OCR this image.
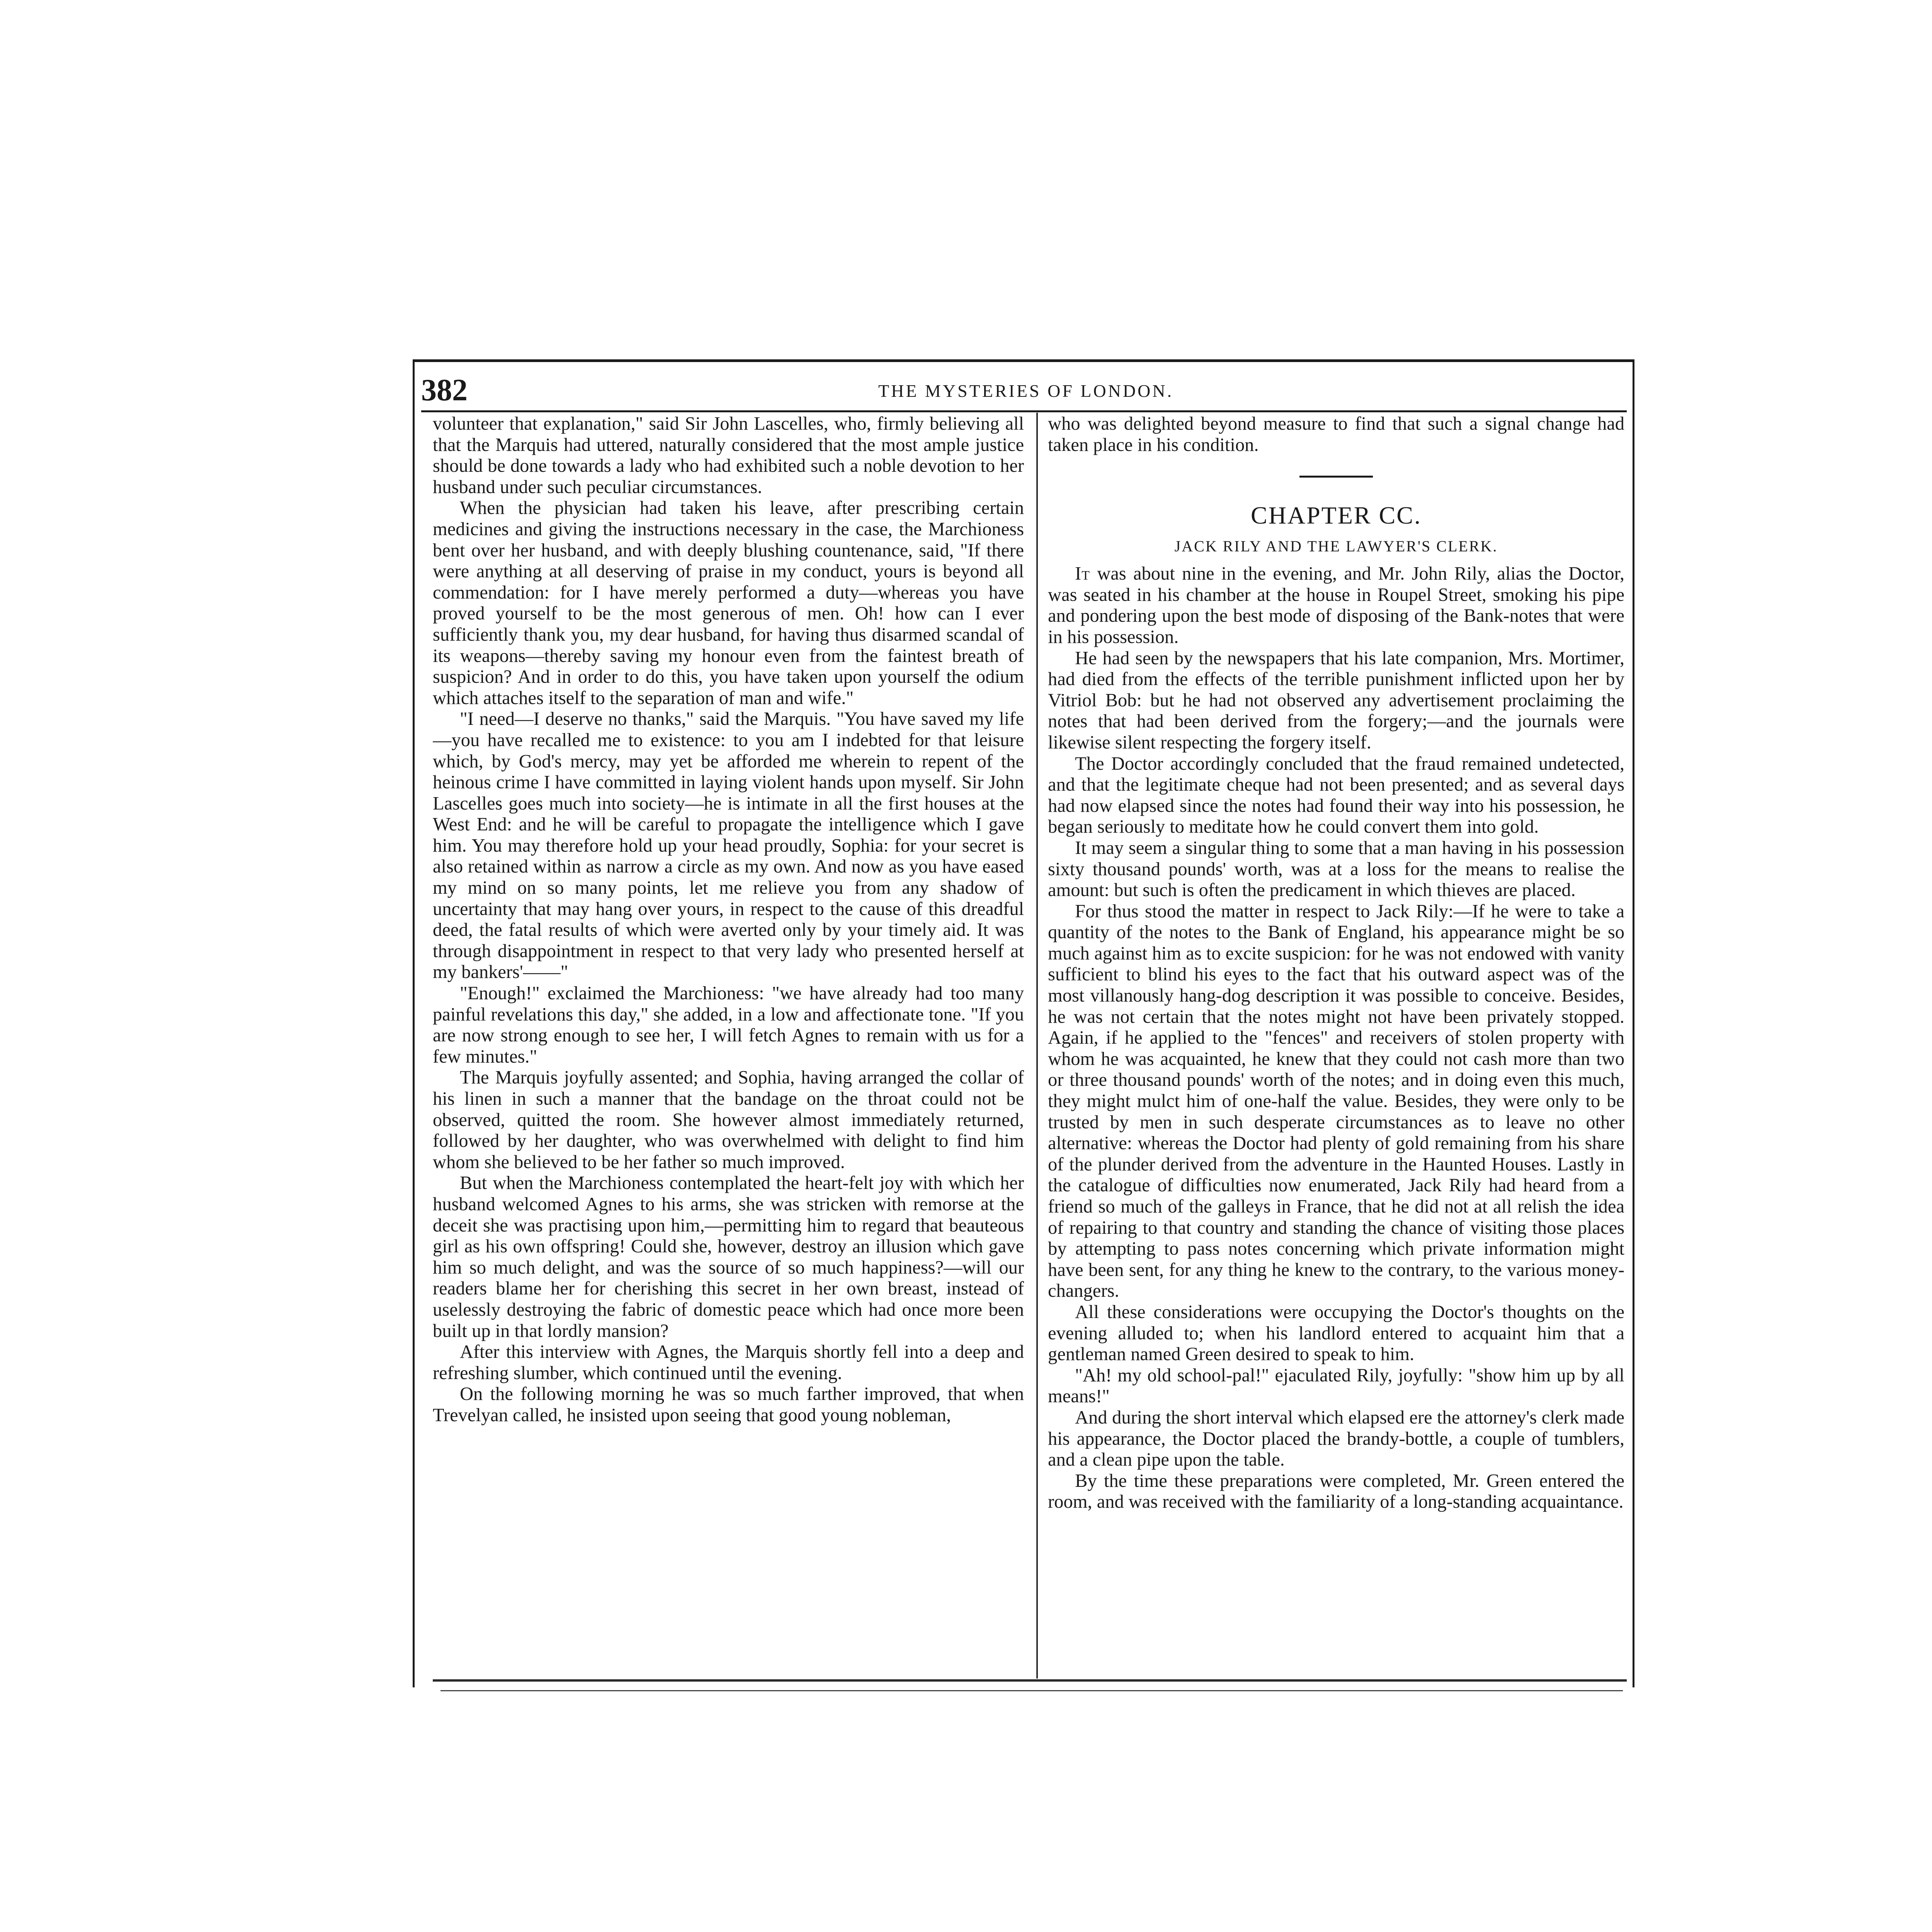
382	THE MYSTERIES OF LONDON.

volunteer that explanation," said Sir John Lascelles, who, firmly believing all that the Marquis had uttered, naturally considered that the most ample justice should be done towards a lady who had exhibited such a noble devotion to her husband under such peculiar circumstances.

When the physician had taken his leave, after prescribing certain medicines and giving the instructions necessary in the case, the Marchioness bent over her husband, and with deeply blushing countenance, said, "If there were anything at all deserving of praise in my conduct, yours is beyond all commendation: for I have merely performed a duty—whereas you have proved yourself to be the most generous of men. Oh! how can I ever sufficiently thank you, my dear husband, for having thus disarmed scandal of its weapons—thereby saving my honour even from the faintest breath of suspicion? And in order to do this, you have taken upon yourself the odium which attaches itself to the separation of man and wife."

"I need—I deserve no thanks," said the Marquis. "You have saved my life—you have recalled me to existence: to you am I indebted for that leisure which, by God's mercy, may yet be afforded me wherein to repent of the heinous crime I have committed in laying violent hands upon myself. Sir John Lascelles goes much into society—he is intimate in all the first houses at the West End: and he will be careful to propagate the intelligence which I gave him. You may therefore hold up your head proudly, Sophia: for your secret is also retained within as narrow a circle as my own. And now as you have eased my mind on so many points, let me relieve you from any shadow of uncertainty that may hang over yours, in respect to the cause of this dreadful deed, the fatal results of which were averted only by your timely aid. It was through disappointment in respect to that very lady who presented herself at my bankers'——"

"Enough!" exclaimed the Marchioness: "we have already had too many painful revelations this day," she added, in a low and affectionate tone. "If you are now strong enough to see her, I will fetch Agnes to remain with us for a few minutes."

The Marquis joyfully assented; and Sophia, having arranged the collar of his linen in such a manner that the bandage on the throat could not be observed, quitted the room. She however almost immediately returned, followed by her daughter, who was overwhelmed with delight to find him whom she believed to be her father so much improved.

But when the Marchioness contemplated the heart-felt joy with which her husband welcomed Agnes to his arms, she was stricken with remorse at the deceit she was practising upon him,—permitting him to regard that beauteous girl as his own offspring! Could she, however, destroy an illusion which gave him so much delight, and was the source of so much happiness?—will our readers blame her for cherishing this secret in her own breast, instead of uselessly destroying the fabric of domestic peace which had once more been built up in that lordly mansion?

After this interview with Agnes, the Marquis shortly fell into a deep and refreshing slumber, which continued until the evening.

On the following morning he was so much farther improved, that when Trevelyan called, he insisted upon seeing that good young nobleman,

who was delighted beyond measure to find that such a signal change had taken place in his condition.

CHAPTER CC.
JACK RILY AND THE LAWYER'S CLERK.

It was about nine in the evening, and Mr. John Rily, alias the Doctor, was seated in his chamber at the house in Roupel Street, smoking his pipe and pondering upon the best mode of disposing of the Bank-notes that were in his possession.

He had seen by the newspapers that his late companion, Mrs. Mortimer, had died from the effects of the terrible punishment inflicted upon her by Vitriol Bob: but he had not observed any advertisement proclaiming the notes that had been derived from the forgery;—and the journals were likewise silent respecting the forgery itself.

The Doctor accordingly concluded that the fraud remained undetected, and that the legitimate cheque had not been presented; and as several days had now elapsed since the notes had found their way into his possession, he began seriously to meditate how he could convert them into gold.

It may seem a singular thing to some that a man having in his possession sixty thousand pounds' worth, was at a loss for the means to realise the amount: but such is often the predicament in which thieves are placed.

For thus stood the matter in respect to Jack Rily:—If he were to take a quantity of the notes to the Bank of England, his appearance might be so much against him as to excite suspicion: for he was not endowed with vanity sufficient to blind his eyes to the fact that his outward aspect was of the most villanously hang-dog description it was possible to conceive. Besides, he was not certain that the notes might not have been privately stopped. Again, if he applied to the "fences" and receivers of stolen property with whom he was acquainted, he knew that they could not cash more than two or three thousand pounds' worth of the notes; and in doing even this much, they might mulct him of one-half the value. Besides, they were only to be trusted by men in such desperate circumstances as to leave no other alternative: whereas the Doctor had plenty of gold remaining from his share of the plunder derived from the adventure in the Haunted Houses. Lastly in the catalogue of difficulties now enumerated, Jack Rily had heard from a friend so much of the galleys in France, that he did not at all relish the idea of repairing to that country and standing the chance of visiting those places by attempting to pass notes concerning which private information might have been sent, for any thing he knew to the contrary, to the various money-changers.

All these considerations were occupying the Doctor's thoughts on the evening alluded to; when his landlord entered to acquaint him that a gentleman named Green desired to speak to him.

"Ah! my old school-pal!" ejaculated Rily, joyfully: "show him up by all means!"

And during the short interval which elapsed ere the attorney's clerk made his appearance, the Doctor placed the brandy-bottle, a couple of tumblers, and a clean pipe upon the table.

By the time these preparations were completed, Mr. Green entered the room, and was received with the familiarity of a long-standing acquaintance.
